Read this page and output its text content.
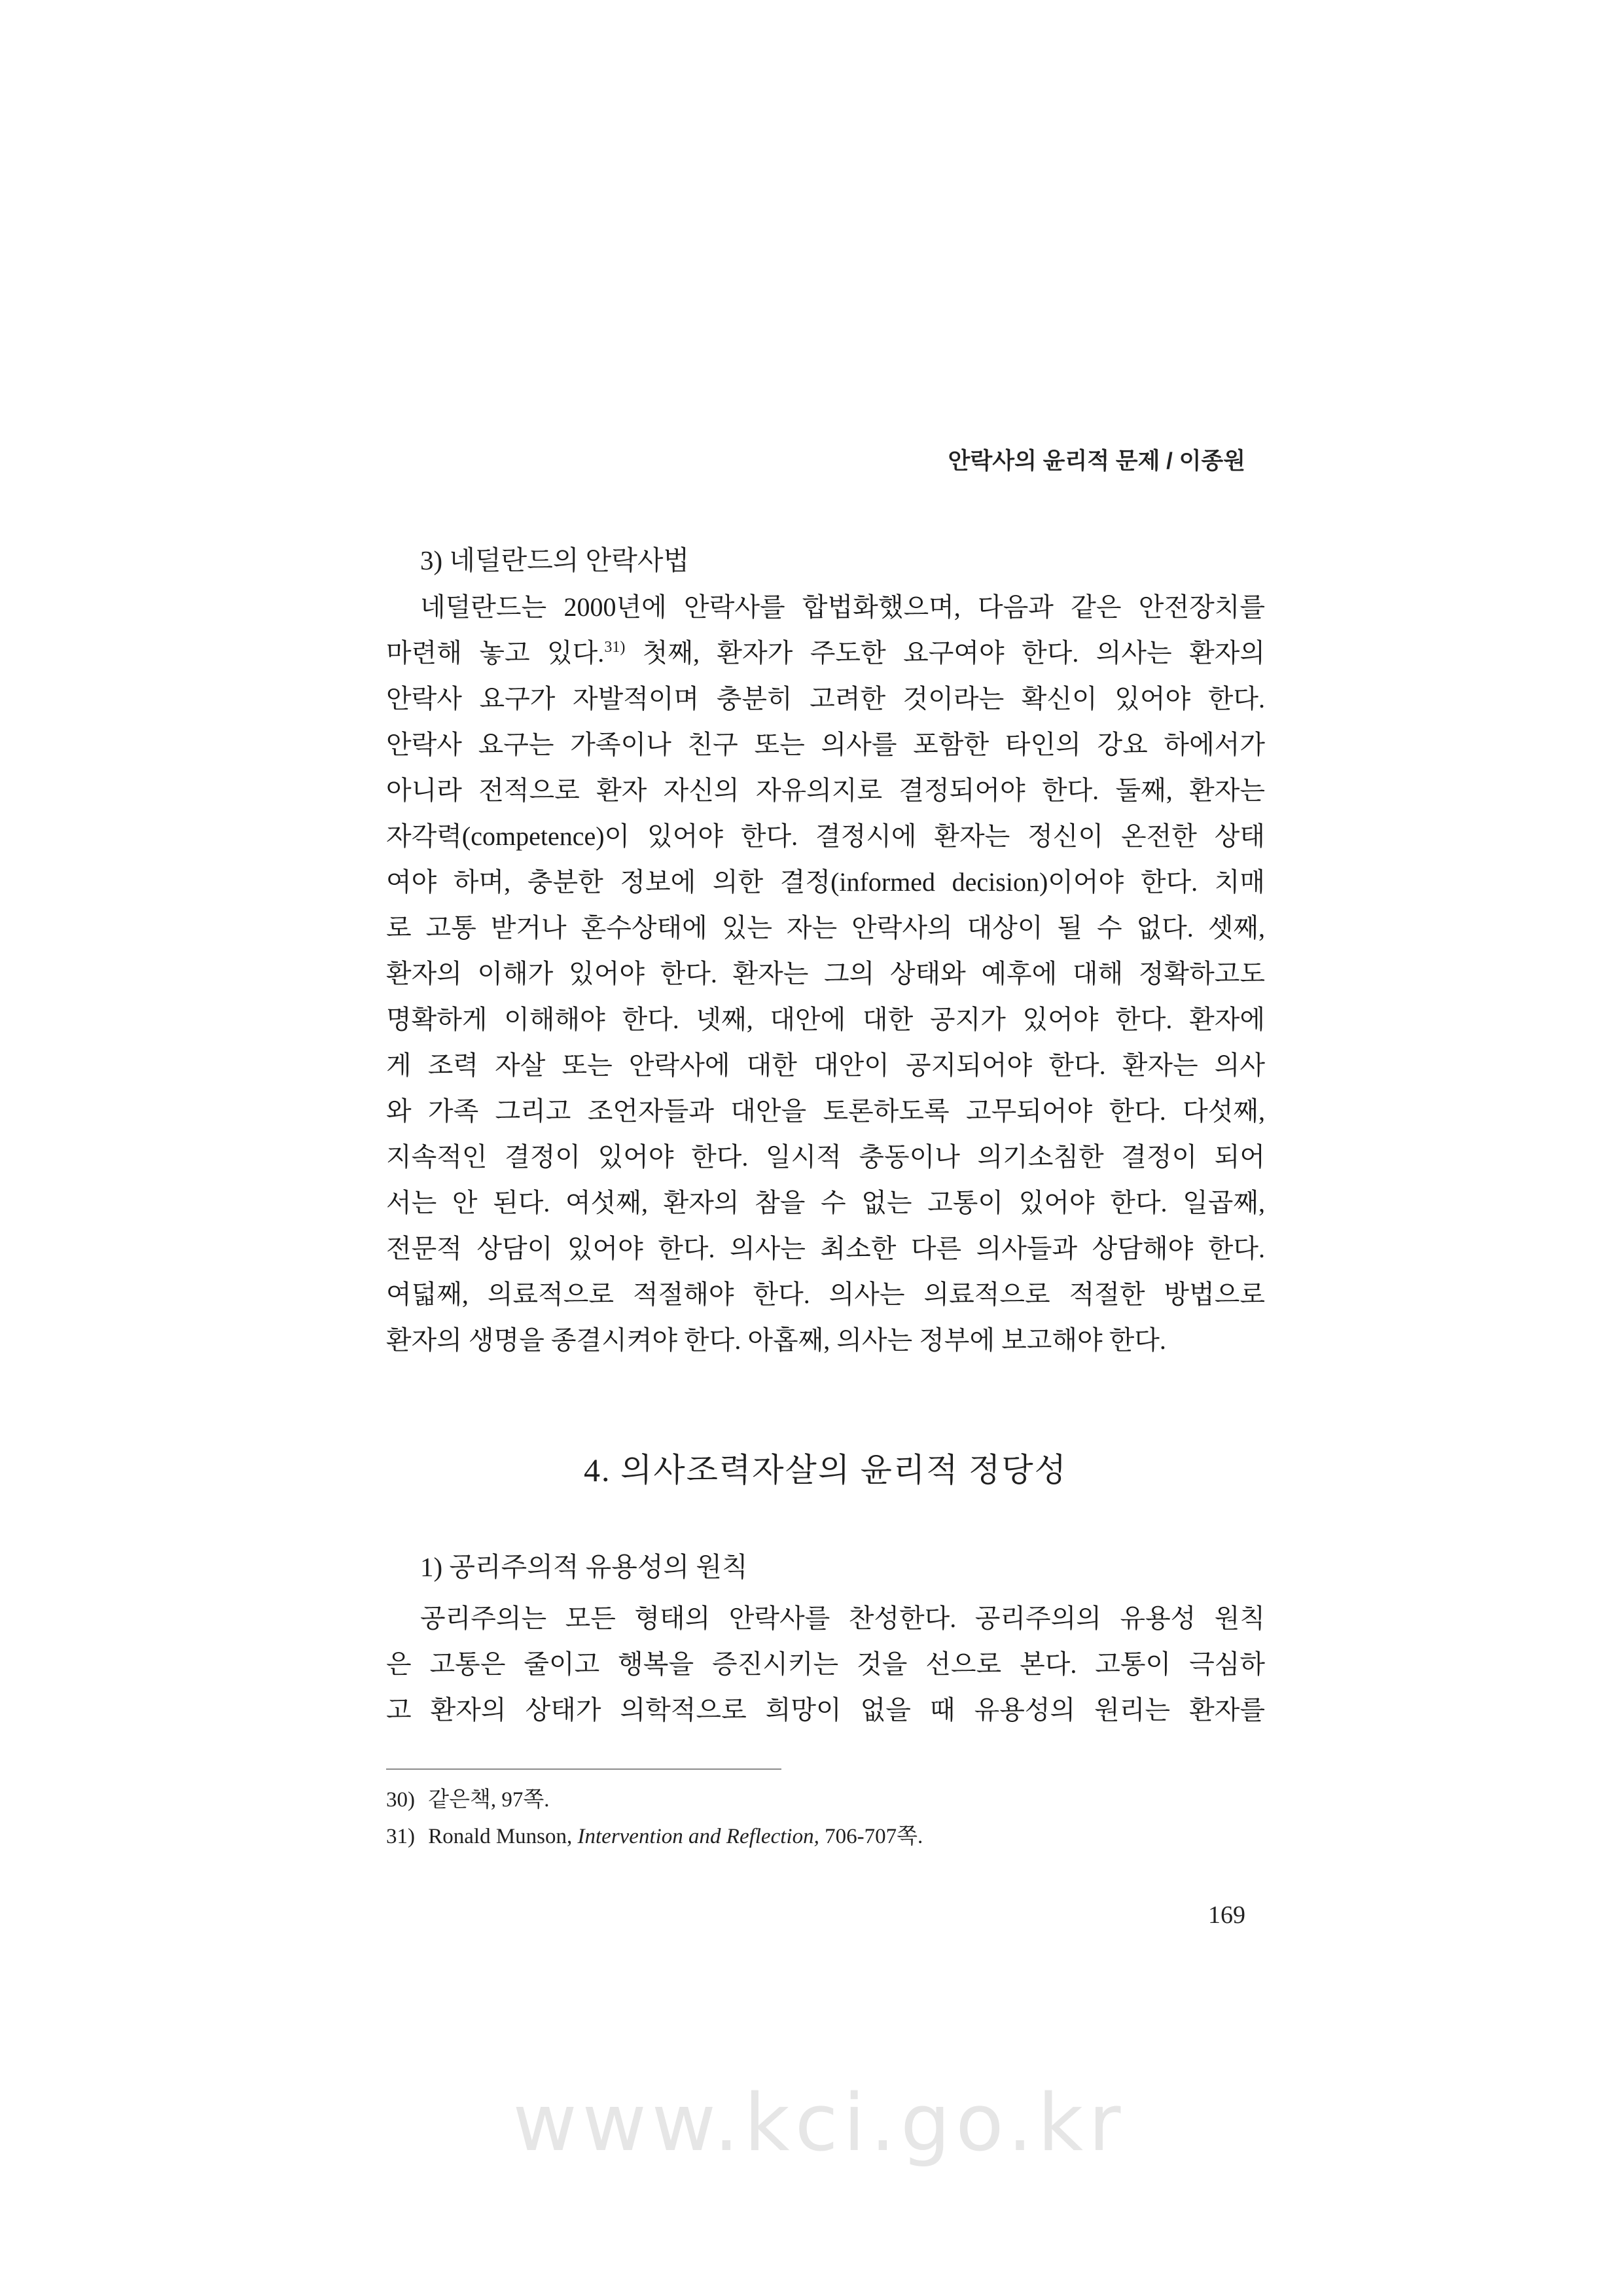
안락사의 윤리적 문제 / 이종원
3) 네덜란드의 안락사법
네덜란드는 2000년에 안락사를 합법화했으며, 다음과 같은 안전장치를
마련해 놓고 있다.$^{31)}$ 첫째, 환자가 주도한 요구여야 한다. 의사는 환자의
안락사 요구가 자발적이며 충분히 고려한 것이라는 확신이 있어야 한다.
안락사 요구는 가족이나 친구 또는 의사를 포함한 타인의 강요 하에서가
아니라 전적으로 환자 자신의 자유의지로 결정되어야 한다. 둘째, 환자는
자각력(competence)이 있어야 한다. 결정시에 환자는 정신이 온전한 상태
여야 하며, 충분한 정보에 의한 결정(informed decision)이어야 한다. 치매
로 고통 받거나 혼수상태에 있는 자는 안락사의 대상이 될 수 없다. 셋째,
환자의 이해가 있어야 한다. 환자는 그의 상태와 예후에 대해 정확하고도
명확하게 이해해야 한다. 넷째, 대안에 대한 공지가 있어야 한다. 환자에
게 조력 자살 또는 안락사에 대한 대안이 공지되어야 한다. 환자는 의사
와 가족 그리고 조언자들과 대안을 토론하도록 고무되어야 한다. 다섯째,
지속적인 결정이 있어야 한다. 일시적 충동이나 의기소침한 결정이 되어
서는 안 된다. 여섯째, 환자의 참을 수 없는 고통이 있어야 한다. 일곱째,
전문적 상담이 있어야 한다. 의사는 최소한 다른 의사들과 상담해야 한다.
여덟째, 의료적으로 적절해야 한다. 의사는 의료적으로 적절한 방법으로
환자의 생명을 종결시켜야 한다. 아홉째, 의사는 정부에 보고해야 한다.
4. 의사조력자살의 윤리적 정당성
1) 공리주의적 유용성의 원칙
공리주의는 모든 형태의 안락사를 찬성한다. 공리주의의 유용성 원칙
은 고통은 줄이고 행복을 증진시키는 것을 선으로 본다. 고통이 극심하
고 환자의 상태가 의학적으로 희망이 없을 때 유용성의 원리는 환자를
30) 같은책, 97쪽.
31) Ronald Munson, Intervention and Reflection, 706-707쪽.
169
www.kci.go.kr
